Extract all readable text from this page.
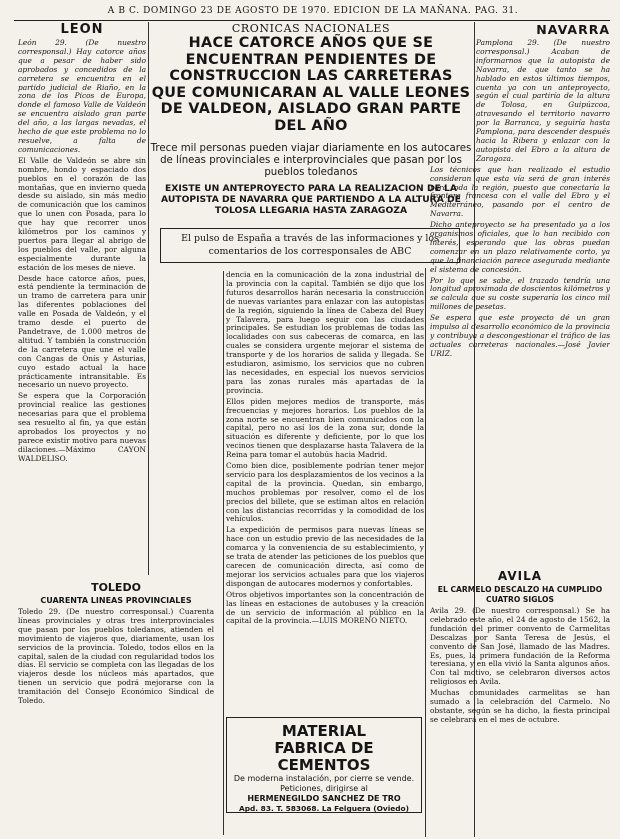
A B C. DOMINGO 23 DE AGOSTO DE 1970. EDICION DE LA MAÑANA. PAG. 31.
LEON

León 29. (De nuestro corresponsal.) Hay catorce años que a pesar de haber sido aprobados y concedidos de la carretera se encuentra en el partido judicial de Riaño, en la zona de los Picos de Europa, donde el famoso Valle de Valdeón se encuentra aislado gran parte del año, a las largas nevadas, el hecho de que este problema no lo resuelve, a falta de comunicaciones.

El Valle de Valdeón se abre sin nombre, hondo y espaciado dos pueblos en el corazón de las montañas, que en invierno queda desde su aislado, sin más medio de comunicación que los caminos que lo unen con Posada, para lo que hay que recorrer unos kilómetros por los caminos y puertos para llegar al abrigo de los pueblos del valle, por alguna especialmente durante la estación de los meses de nieve.

Desde hace catorce años, pues, está pendiente la terminación de un tramo de carretera para unir las diferentes poblaciones del valle en Posada de Valdeón, y el tramo desde el puerto de Pandetrave, de 1.000 metros de altitud. Y también la construcción de la carretera que une el valle con Cangas de Onís y Asturias, cuyo estado actual la hace prácticamente intransitable. Es necesario un nuevo proyecto.

Se espera que la Corporación provincial realice las gestiones necesarias para que el problema sea resuelto al fin, ya que están aprobados los proyectos y no parece existir motivo para nuevas dilaciones.—Máximo CAYON WALDELISO.

TOLEDO
CUARENTA LINEAS PROVINCIALES

Toledo 29. (De nuestro corresponsal.) Cuarenta líneas provinciales y otras tres interprovinciales que pasan por los pueblos toledanos, atienden el movimiento de viajeros que, diariamente, usan los servicios de la provincia. Toledo, todos ellos en la capital, salen de la ciudad con regularidad todos los días. El servicio se completa con las llegadas de los viajeros desde los núcleos más apartados, que tienen un servicio que podrá mejorarse con la tramitación del Consejo Económico Sindical de Toledo.

CRONICAS NACIONALES
HACE CATORCE AÑOS QUE SE ENCUENTRAN PENDIENTES DE CONSTRUCCION LAS CARRETERAS QUE COMUNICARAN AL VALLE LEONES DE VALDEON, AISLADO GRAN PARTE DEL AÑO
Trece mil personas pueden viajar diariamente en los autocares de líneas provinciales e interprovinciales que pasan por los pueblos toledanos
EXISTE UN ANTEPROYECTO PARA LA REALIZACION DE LA AUTOPISTA DE NAVARRA QUE PARTIENDO A LA ALTURA DE TOLOSA LLEGARIA HASTA ZARAGOZA
El pulso de España a través de las informaciones y los comentarios de los corresponsales de ABC

dencia en la comunicación de la zona industrial de la provincia con la capital. También se dijo que los futuros desarrollos harán necesaria la construcción de nuevas variantes para enlazar con las autopistas de la región, siguiendo la línea de Cabeza del Buey y Talavera, para luego seguir con las ciudades principales. Se estudian los problemas de todas las localidades con sus cabeceras de comarca, en las cuales se considera urgente mejorar el sistema de transporte y de los horarios de salida y llegada. Se estudiaron, asimismo, los servicios que no cubren las necesidades, en especial los nuevos servicios para las zonas rurales más apartadas de la provincia.

Ellos piden mejores medios de transporte, más frecuencias y mejores horarios. Los pueblos de la zona norte se encuentran bien comunicados con la capital, pero no así los de la zona sur, donde la situación es diferente y deficiente, por lo que los vecinos tienen que desplazarse hasta Talavera de la Reina para tomar el autobús hacia Madrid.

Como bien dice, posiblemente podrían tener mejor servicio para los desplazamientos de los vecinos a la capital de la provincia. Quedan, sin embargo, muchos problemas por resolver, como el de los precios del billete, que se estiman altos en relación con las distancias recorridas y la comodidad de los vehículos.

La expedición de permisos para nuevas líneas se hace con un estudio previo de las necesidades de la comarca y la conveniencia de su establecimiento, y se trata de atender las peticiones de los pueblos que carecen de comunicación directa, así como de mejorar los servicios actuales para que los viajeros dispongan de autocares modernos y confortables.

Otros objetivos importantes son la concentración de las líneas en estaciones de autobuses y la creación de un servicio de información al público en la capital de la provincia.—LUIS MORENO NIETO.

MATERIAL
FABRICA DE CEMENTOS
De moderna instalación, por cierre se vende. Peticiones, dirigirse al
HERMENEGILDO SANCHEZ DE TRO
Apd. 83. T. 583068. La Felguera (Oviedo)
NAVARRA

Pamplona 29. (De nuestro corresponsal.) Acaban de informarnos que la autopista de Navarra, de que tanto se ha hablado en estos últimos tiempos, cuenta ya con un anteproyecto, según el cual partiría de la altura de Tolosa, en Guipúzcoa, atravesando el territorio navarro por la Barranca, y seguiría hasta Pamplona, para descender después hacia la Ribera y enlazar con la autopista del Ebro a la altura de Zaragoza.

Los técnicos que han realizado el estudio consideran que esta vía será de gran interés para toda la región, puesto que conectaría la frontera francesa con el valle del Ebro y el Mediterráneo, pasando por el centro de Navarra.

Dicho anteproyecto se ha presentado ya a los organismos oficiales, que lo han recibido con interés, esperando que las obras puedan comenzar en un plazo relativamente corto, ya que la financiación parece asegurada mediante el sistema de concesión.

Por lo que se sabe, el trazado tendría una longitud aproximada de doscientos kilómetros y se calcula que su coste superaría los cinco mil millones de pesetas.

Se espera que este proyecto dé un gran impulso al desarrollo económico de la provincia y contribuya a descongestionar el tráfico de las actuales carreteras nacionales.—José Javier URIZ.

AVILA
EL CARMELO DESCALZO HA CUMPLIDO CUATRO SIGLOS

Avila 29. (De nuestro corresponsal.) Se ha celebrado este año, el 24 de agosto de 1562, la fundación del primer convento de Carmelitas Descalzas por Santa Teresa de Jesús, el convento de San José, llamado de las Madres. Es, pues, la primera fundación de la Reforma teresiana, y en ella vivió la Santa algunos años. Con tal motivo, se celebraron diversos actos religiosos en Avila.

Muchas comunidades carmelitas se han sumado a la celebración del Carmelo. No obstante, según se ha dicho, la fiesta principal se celebrará en el mes de octubre.
